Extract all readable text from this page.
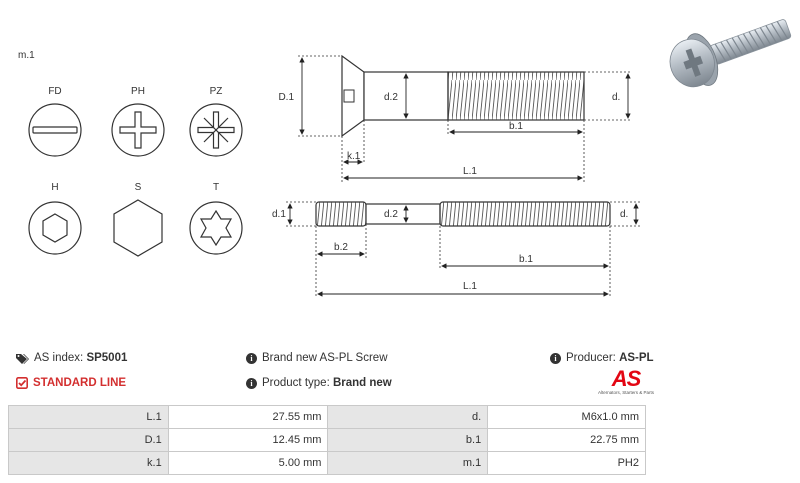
m.1
FD	PH	PZ
H	S	T
D.1	d.2	d.
b.1
k.1
L.1
d.1	d.2	d.
b.2
b.1
L.1
AS index:
SP5001
STANDARD LINE
i Brand new AS-PL Screw
i Product type:
Brand new
i Producer:
AS-PL
AS
Alternators, Starters & Parts
L.1	27.55 mm	d.	M6x1.0 mm
D.1	12.45 mm	b.1	22.75 mm
k.1	5.00 mm	m.1	PH2
